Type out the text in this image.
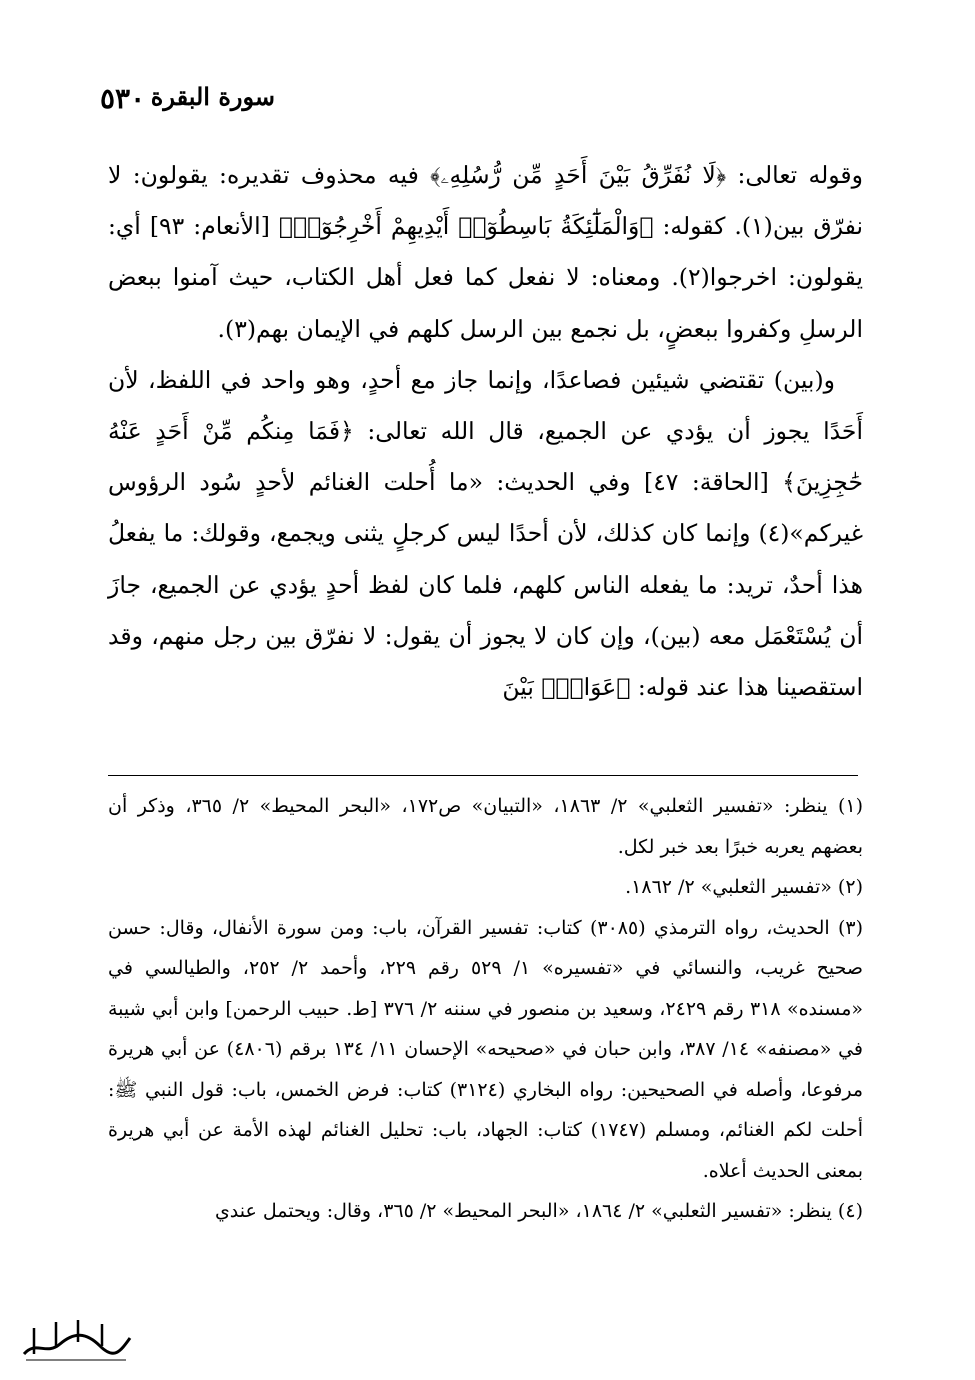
٥٣٠ سورة البقرة

وقوله تعالى: ﴿لَا نُفَرِّقُ بَيْنَ أَحَدٍ مِّن رُّسُلِهِۦ﴾ فيه محذوف تقديره: يقولون: لا نفرّق بين(١). كقوله: ﴿وَالْمَلَٰٓئِكَةُ بَاسِطُوٓا۟ أَيْدِيهِمْ أَخْرِجُوٓا۟﴾ [الأنعام: ٩٣] أي: يقولون: اخرجوا(٢). ومعناه: لا نفعل كما فعل أهل الكتاب، حيث آمنوا ببعض الرسلِ وكفروا ببعضٍ، بل نجمع بين الرسل كلهم في الإيمان بهم(٣).

و(بين) تقتضي شيئين فصاعدًا، وإنما جاز مع أحدٍ، وهو واحد في اللفظ، لأن أَحَدًا يجوز أن يؤدي عن الجميع، قال الله تعالى: ﴿فَمَا مِنكُم مِّنْ أَحَدٍ عَنْهُ حَٰجِزِينَ﴾ [الحاقة: ٤٧] وفي الحديث: «ما أُحلت الغنائم لأحدٍ سُود الرؤوس غيركم»(٤) وإنما كان كذلك، لأن أحدًا ليس كرجلٍ يثنى ويجمع، وقولك: ما يفعلُ هذا أحدٌ، تريد: ما يفعله الناس كلهم، فلما كان لفظ أحدٍ يؤدي عن الجميع، جازَ أن يُسْتَعْمَل معه (بين)، وإن كان لا يجوز أن يقول: لا نفرّق بين رجل منهم، وقد استقصينا هذا عند قوله: ﴿عَوَانٌۢ بَيْنَ

(١) ينظر: «تفسير الثعلبي» ٢/ ١٨٦٣، «التبيان» ص١٧٢، «البحر المحيط» ٢/ ٣٦٥، وذكر أن بعضهم يعربه خبرًا بعد خبر لكل.

(٢) «تفسير الثعلبي» ٢/ ١٨٦٢.

(٣) الحديث، رواه الترمذي (٣٠٨٥) كتاب: تفسير القرآن، باب: ومن سورة الأنفال، وقال: حسن صحيح غريب، والنسائي في «تفسيره» ١/ ٥٢٩ رقم ٢٢٩، وأحمد ٢/ ٢٥٢، والطيالسي في «مسنده» ٣١٨ رقم ٢٤٢٩، وسعيد بن منصور في سننه ٢/ ٣٧٦ [ط. حبيب الرحمن] وابن أبي شيبة في «مصنفه» ١٤/ ٣٨٧، وابن حبان في «صحيحه» الإحسان ١١/ ١٣٤ برقم (٤٨٠٦) عن أبي هريرة مرفوعا، وأصله في الصحيحين: رواه البخاري (٣١٢٤) كتاب: فرض الخمس، باب: قول النبي ﷺ: أحلت لكم الغنائم، ومسلم (١٧٤٧) كتاب: الجهاد، باب: تحليل الغنائم لهذه الأمة عن أبي هريرة بمعنى الحديث أعلاه.

(٤) ينظر: «تفسير الثعلبي» ٢/ ١٨٦٤، «البحر المحيط» ٢/ ٣٦٥، وقال: ويحتمل عندي
